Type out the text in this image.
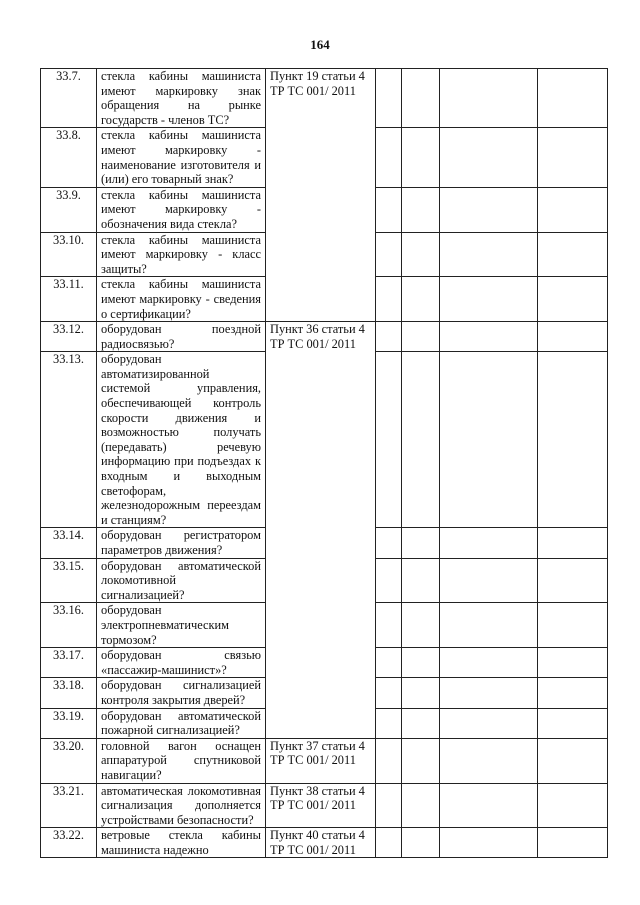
164
33.7.	стекла кабины машиниста имеют маркировку знак обращения на рынке государств - членов ТС?	Пункт 19 статьи 4 ТР ТС 001/ 2011				
33.8.	стекла кабины машиниста имеют маркировку - наименование изготовителя и (или) его товарный знак?					
33.9.	стекла кабины машиниста имеют маркировку - обозначения вида стекла?					
33.10.	стекла кабины машиниста имеют маркировку - класс защиты?					
33.11.	стекла кабины машиниста имеют маркировку - сведения о сертификации?					
33.12.	оборудован поездной радиосвязью?	Пункт 36 статьи 4 ТР ТС 001/ 2011				
33.13.	оборудован автоматизированной системой управления, обеспечивающей контроль скорости движения и возможностью получать (передавать) речевую информацию при подъездах к входным и выходным светофорам, железнодорожным переездам и станциям?					
33.14.	оборудован регистратором параметров движения?					
33.15.	оборудован автоматической локомотивной сигнализацией?					
33.16.	оборудован электропневматическим тормозом?					
33.17.	оборудован связью «пассажир-машинист»?					
33.18.	оборудован сигнализацией контроля закрытия дверей?					
33.19.	оборудован автоматической пожарной сигнализацией?					
33.20.	головной вагон оснащен аппаратурой спутниковой навигации?	Пункт 37 статьи 4 ТР ТС 001/ 2011				
33.21.	автоматическая локомотивная сигнализация дополняется устройствами безопасности?	Пункт 38 статьи 4 ТР ТС 001/ 2011				
33.22.	ветровые стекла кабины машиниста надежно	Пункт 40 статьи 4 ТР ТС 001/ 2011				
